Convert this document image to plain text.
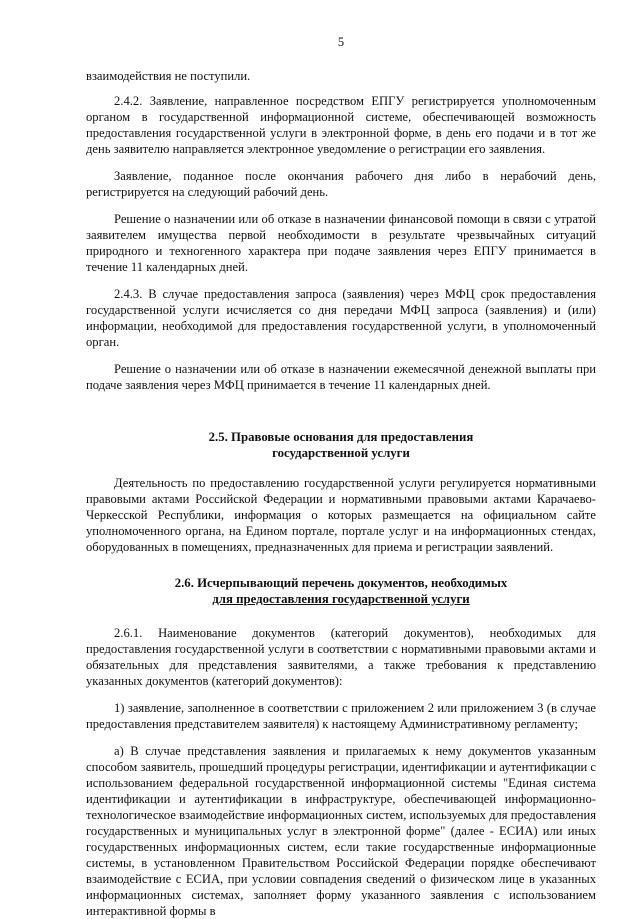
5

взаимодействия не поступили.

2.4.2. Заявление, направленное посредством ЕПГУ регистрируется уполномоченным органом в государственной информационной системе, обеспечивающей возможность предоставления государственной услуги в электронной форме, в день его подачи и в тот же день заявителю направляется электронное уведомление о регистрации его заявления.

Заявление, поданное после окончания рабочего дня либо в нерабочий день, регистрируется на следующий рабочий день.

Решение о назначении или об отказе в назначении финансовой помощи в связи с утратой заявителем имущества первой необходимости в результате чрезвычайных ситуаций природного и техногенного характера при подаче заявления через ЕПГУ принимается в течение 11 календарных дней.

2.4.3. В случае предоставления запроса (заявления) через МФЦ срок предоставления государственной услуги исчисляется со дня передачи МФЦ запроса (заявления) и (или) информации, необходимой для предоставления государственной услуги, в уполномоченный орган.

Решение о назначении или об отказе в назначении ежемесячной денежной выплаты при подаче заявления через МФЦ принимается в течение 11 календарных дней.

2.5. Правовые основания для предоставления
государственной услуги

Деятельность по предоставлению государственной услуги регулируется нормативными правовыми актами Российской Федерации и нормативными правовыми актами Карачаево-Черкесской Республики, информация о которых размещается на официальном сайте уполномоченного органа, на Едином портале, портале услуг и на информационных стендах, оборудованных в помещениях, предназначенных для приема и регистрации заявлений.

2.6. Исчерпывающий перечень документов, необходимых
для предоставления государственной услуги

2.6.1. Наименование документов (категорий документов), необходимых для предоставления государственной услуги в соответствии с нормативными правовыми актами и обязательных для представления заявителями, а также требования к представлению указанных документов (категорий документов):

1) заявление, заполненное в соответствии с приложением 2 или приложением 3 (в случае предоставления представителем заявителя) к настоящему Административному регламенту;

а) В случае представления заявления и прилагаемых к нему документов указанным способом заявитель, прошедший процедуры регистрации, идентификации и аутентификации с использованием федеральной государственной информационной системы "Единая система идентификации и аутентификации в инфраструктуре, обеспечивающей информационно-технологическое взаимодействие информационных систем, используемых для предоставления государственных и муниципальных услуг в электронной форме" (далее - ЕСИА) или иных государственных информационных систем, если такие государственные информационные системы, в установленном Правительством Российской Федерации порядке обеспечивают взаимодействие с ЕСИА, при условии совпадения сведений о физическом лице в указанных информационных системах, заполняет форму указанного заявления с использованием интерактивной формы в
